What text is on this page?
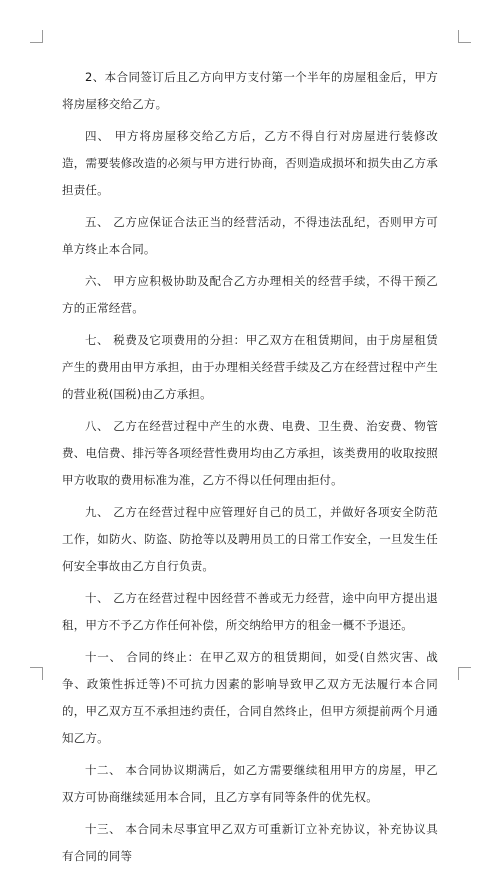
2、本合同签订后且乙方向甲方支付第一个半年的房屋租金后，甲方将房屋移交给乙方。

四、 甲方将房屋移交给乙方后，乙方不得自行对房屋进行装修改造，需要装修改造的必须与甲方进行协商，否则造成损坏和损失由乙方承担责任。

五、 乙方应保证合法正当的经营活动，不得违法乱纪，否则甲方可单方终止本合同。

六、 甲方应积极协助及配合乙方办理相关的经营手续，不得干预乙方的正常经营。

七、 税费及它项费用的分担：甲乙双方在租赁期间，由于房屋租赁产生的费用由甲方承担，由于办理相关经营手续及乙方在经营过程中产生的营业税(国税)由乙方承担。

八、 乙方在经营过程中产生的水费、电费、卫生费、治安费、物管费、电信费、排污等各项经营性费用均由乙方承担，该类费用的收取按照甲方收取的费用标准为准，乙方不得以任何理由拒付。

九、 乙方在经营过程中应管理好自己的员工，并做好各项安全防范工作，如防火、防盗、防抢等以及聘用员工的日常工作安全，一旦发生任何安全事故由乙方自行负责。

十、 乙方在经营过程中因经营不善或无力经营，途中向甲方提出退租，甲方不予乙方作任何补偿，所交纳给甲方的租金一概不予退还。

十一、 合同的终止：在甲乙双方的租赁期间，如受(自然灾害、战争、政策性拆迁等)不可抗力因素的影响导致甲乙双方无法履行本合同的，甲乙双方互不承担违约责任，合同自然终止，但甲方须提前两个月通知乙方。

十二、 本合同协议期满后，如乙方需要继续租用甲方的房屋，甲乙双方可协商继续延用本合同，且乙方享有同等条件的优先权。

十三、 本合同未尽事宜甲乙双方可重新订立补充协议，补充协议具有合同的同等
